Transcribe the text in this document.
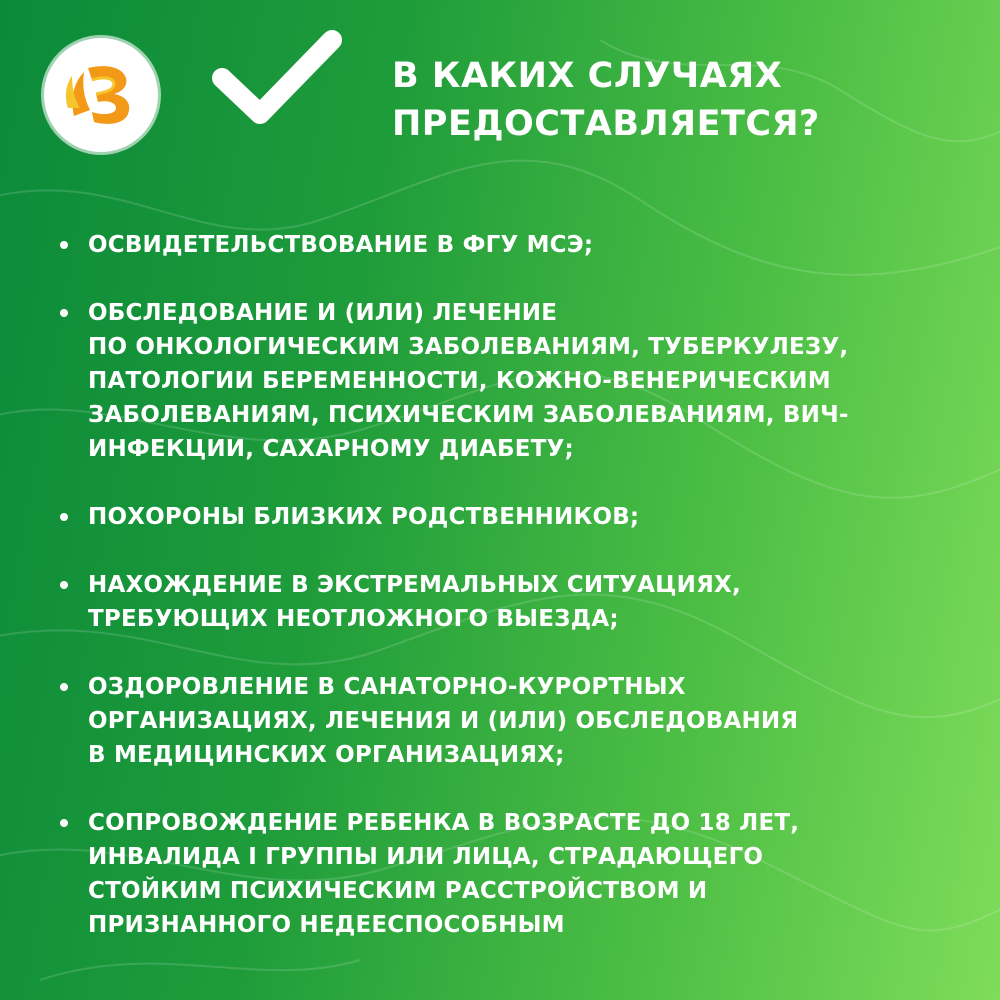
В КАКИХ СЛУЧАЯХ
ПРЕДОСТАВЛЯЕТСЯ?
ОСВИДЕТЕЛЬСТВОВАНИЕ В ФГУ МСЭ;
ОБСЛЕДОВАНИЕ И (ИЛИ) ЛЕЧЕНИЕ
ПО ОНКОЛОГИЧЕСКИМ ЗАБОЛЕВАНИЯМ, ТУБЕРКУЛЕЗУ,
ПАТОЛОГИИ БЕРЕМЕННОСТИ, КОЖНО-ВЕНЕРИЧЕСКИМ
ЗАБОЛЕВАНИЯМ, ПСИХИЧЕСКИМ ЗАБОЛЕВАНИЯМ, ВИЧ-
ИНФЕКЦИИ, САХАРНОМУ ДИАБЕТУ;
ПОХОРОНЫ БЛИЗКИХ РОДСТВЕННИКОВ;
НАХОЖДЕНИЕ В ЭКСТРЕМАЛЬНЫХ СИТУАЦИЯХ,
ТРЕБУЮЩИХ НЕОТЛОЖНОГО ВЫЕЗДА;
ОЗДОРОВЛЕНИЕ В САНАТОРНО-КУРОРТНЫХ
ОРГАНИЗАЦИЯХ, ЛЕЧЕНИЯ И (ИЛИ) ОБСЛЕДОВАНИЯ
В МЕДИЦИНСКИХ ОРГАНИЗАЦИЯХ;
СОПРОВОЖДЕНИЕ РЕБЕНКА В ВОЗРАСТЕ ДО 18 ЛЕТ,
ИНВАЛИДА I ГРУППЫ ИЛИ ЛИЦА, СТРАДАЮЩЕГО
СТОЙКИМ ПСИХИЧЕСКИМ РАССТРОЙСТВОМ И
ПРИЗНАННОГО НЕДЕЕСПОСОБНЫМ
